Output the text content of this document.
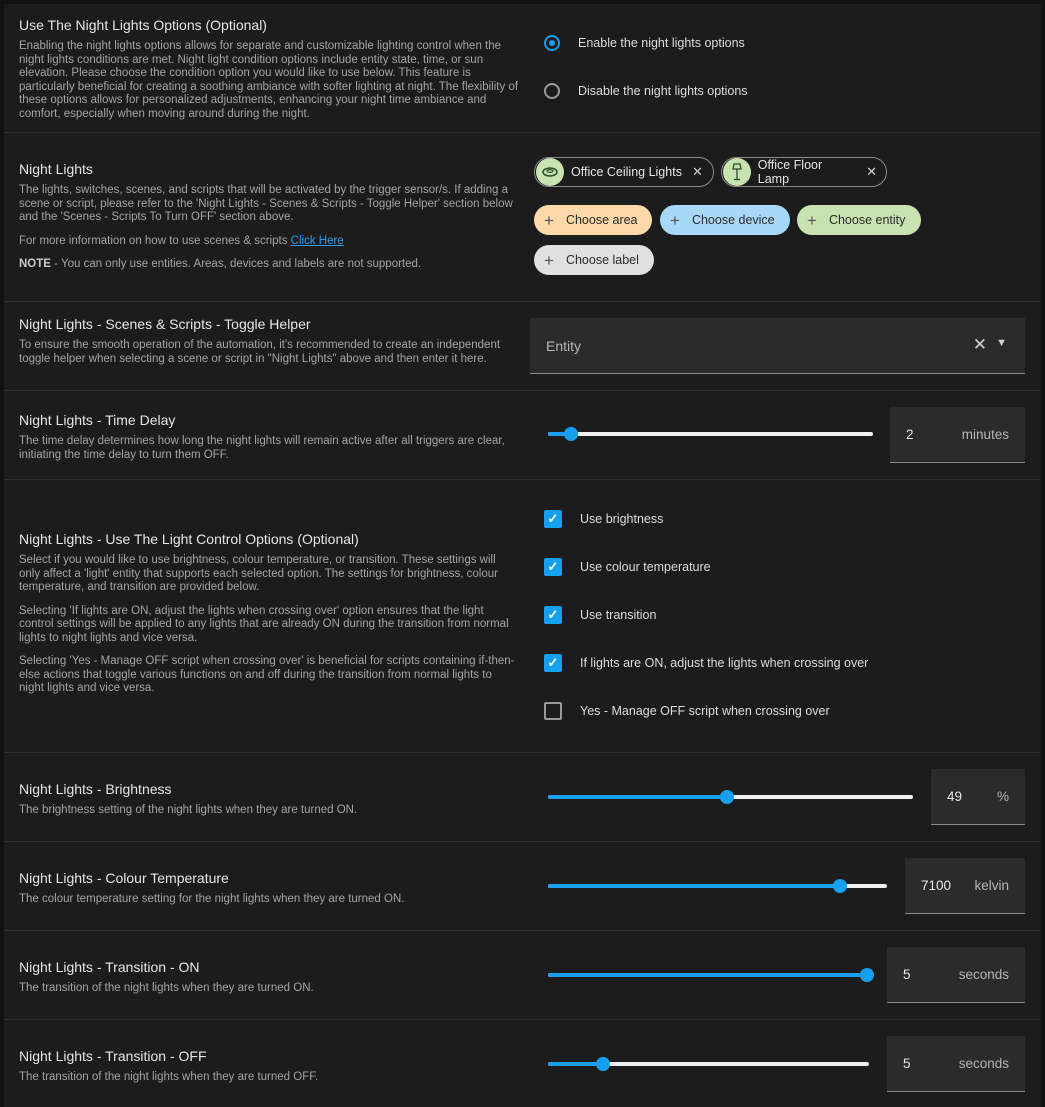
Use The Night Lights Options (Optional)
Enabling the night lights options allows for separate and customizable lighting control when the night lights conditions are met. Night light condition options include entity state, time, or sun elevation. Please choose the condition option you would like to use below. This feature is particularly beneficial for creating a soothing ambiance with softer lighting at night. The flexibility of these options allows for personalized adjustments, enhancing your night time ambiance and comfort, especially when moving around during the night.
Enable the night lights options
Disable the night lights options
Night Lights
The lights, switches, scenes, and scripts that will be activated by the trigger sensor/s. If adding a scene or script, please refer to the 'Night Lights - Scenes & Scripts - Toggle Helper' section below and the 'Scenes - Scripts To Turn OFF' section above.
For more information on how to use scenes & scripts Click Here
NOTE - You can only use entities. Areas, devices and labels are not supported.
Office Ceiling Lights ✕	Office Floor Lamp	✕
+ Choose area + Choose device + Choose entity
+ Choose label
Night Lights - Scenes & Scripts - Toggle Helper
To ensure the smooth operation of the automation, it's recommended to create an independent toggle helper when selecting a scene or script in "Night Lights" above and then enter it here.
Entity	✕ ▼
Night Lights - Time Delay
The time delay determines how long the night lights will remain active after all triggers are clear, initiating the time delay to turn them OFF.
2	minutes
Night Lights - Use The Light Control Options (Optional)
Select if you would like to use brightness, colour temperature, or transition. These settings will only affect a 'light' entity that supports each selected option. The settings for brightness, colour temperature, and transition are provided below.
Selecting 'If lights are ON, adjust the lights when crossing over' option ensures that the light control settings will be applied to any lights that are already ON during the transition from normal lights to night lights and vice versa.
Selecting 'Yes - Manage OFF script when crossing over' is beneficial for scripts containing if-then-else actions that toggle various functions on and off during the transition from normal lights to night lights and vice versa.
✓ Use brightness
✓ Use colour temperature
✓ Use transition
✓ If lights are ON, adjust the lights when crossing over
Yes - Manage OFF script when crossing over
Night Lights - Brightness
The brightness setting of the night lights when they are turned ON.
49	%
Night Lights - Colour Temperature
The colour temperature setting for the night lights when they are turned ON.
7100 kelvin
Night Lights - Transition - ON
The transition of the night lights when they are turned ON.
5	seconds
Night Lights - Transition - OFF
The transition of the night lights when they are turned OFF.
5	seconds
